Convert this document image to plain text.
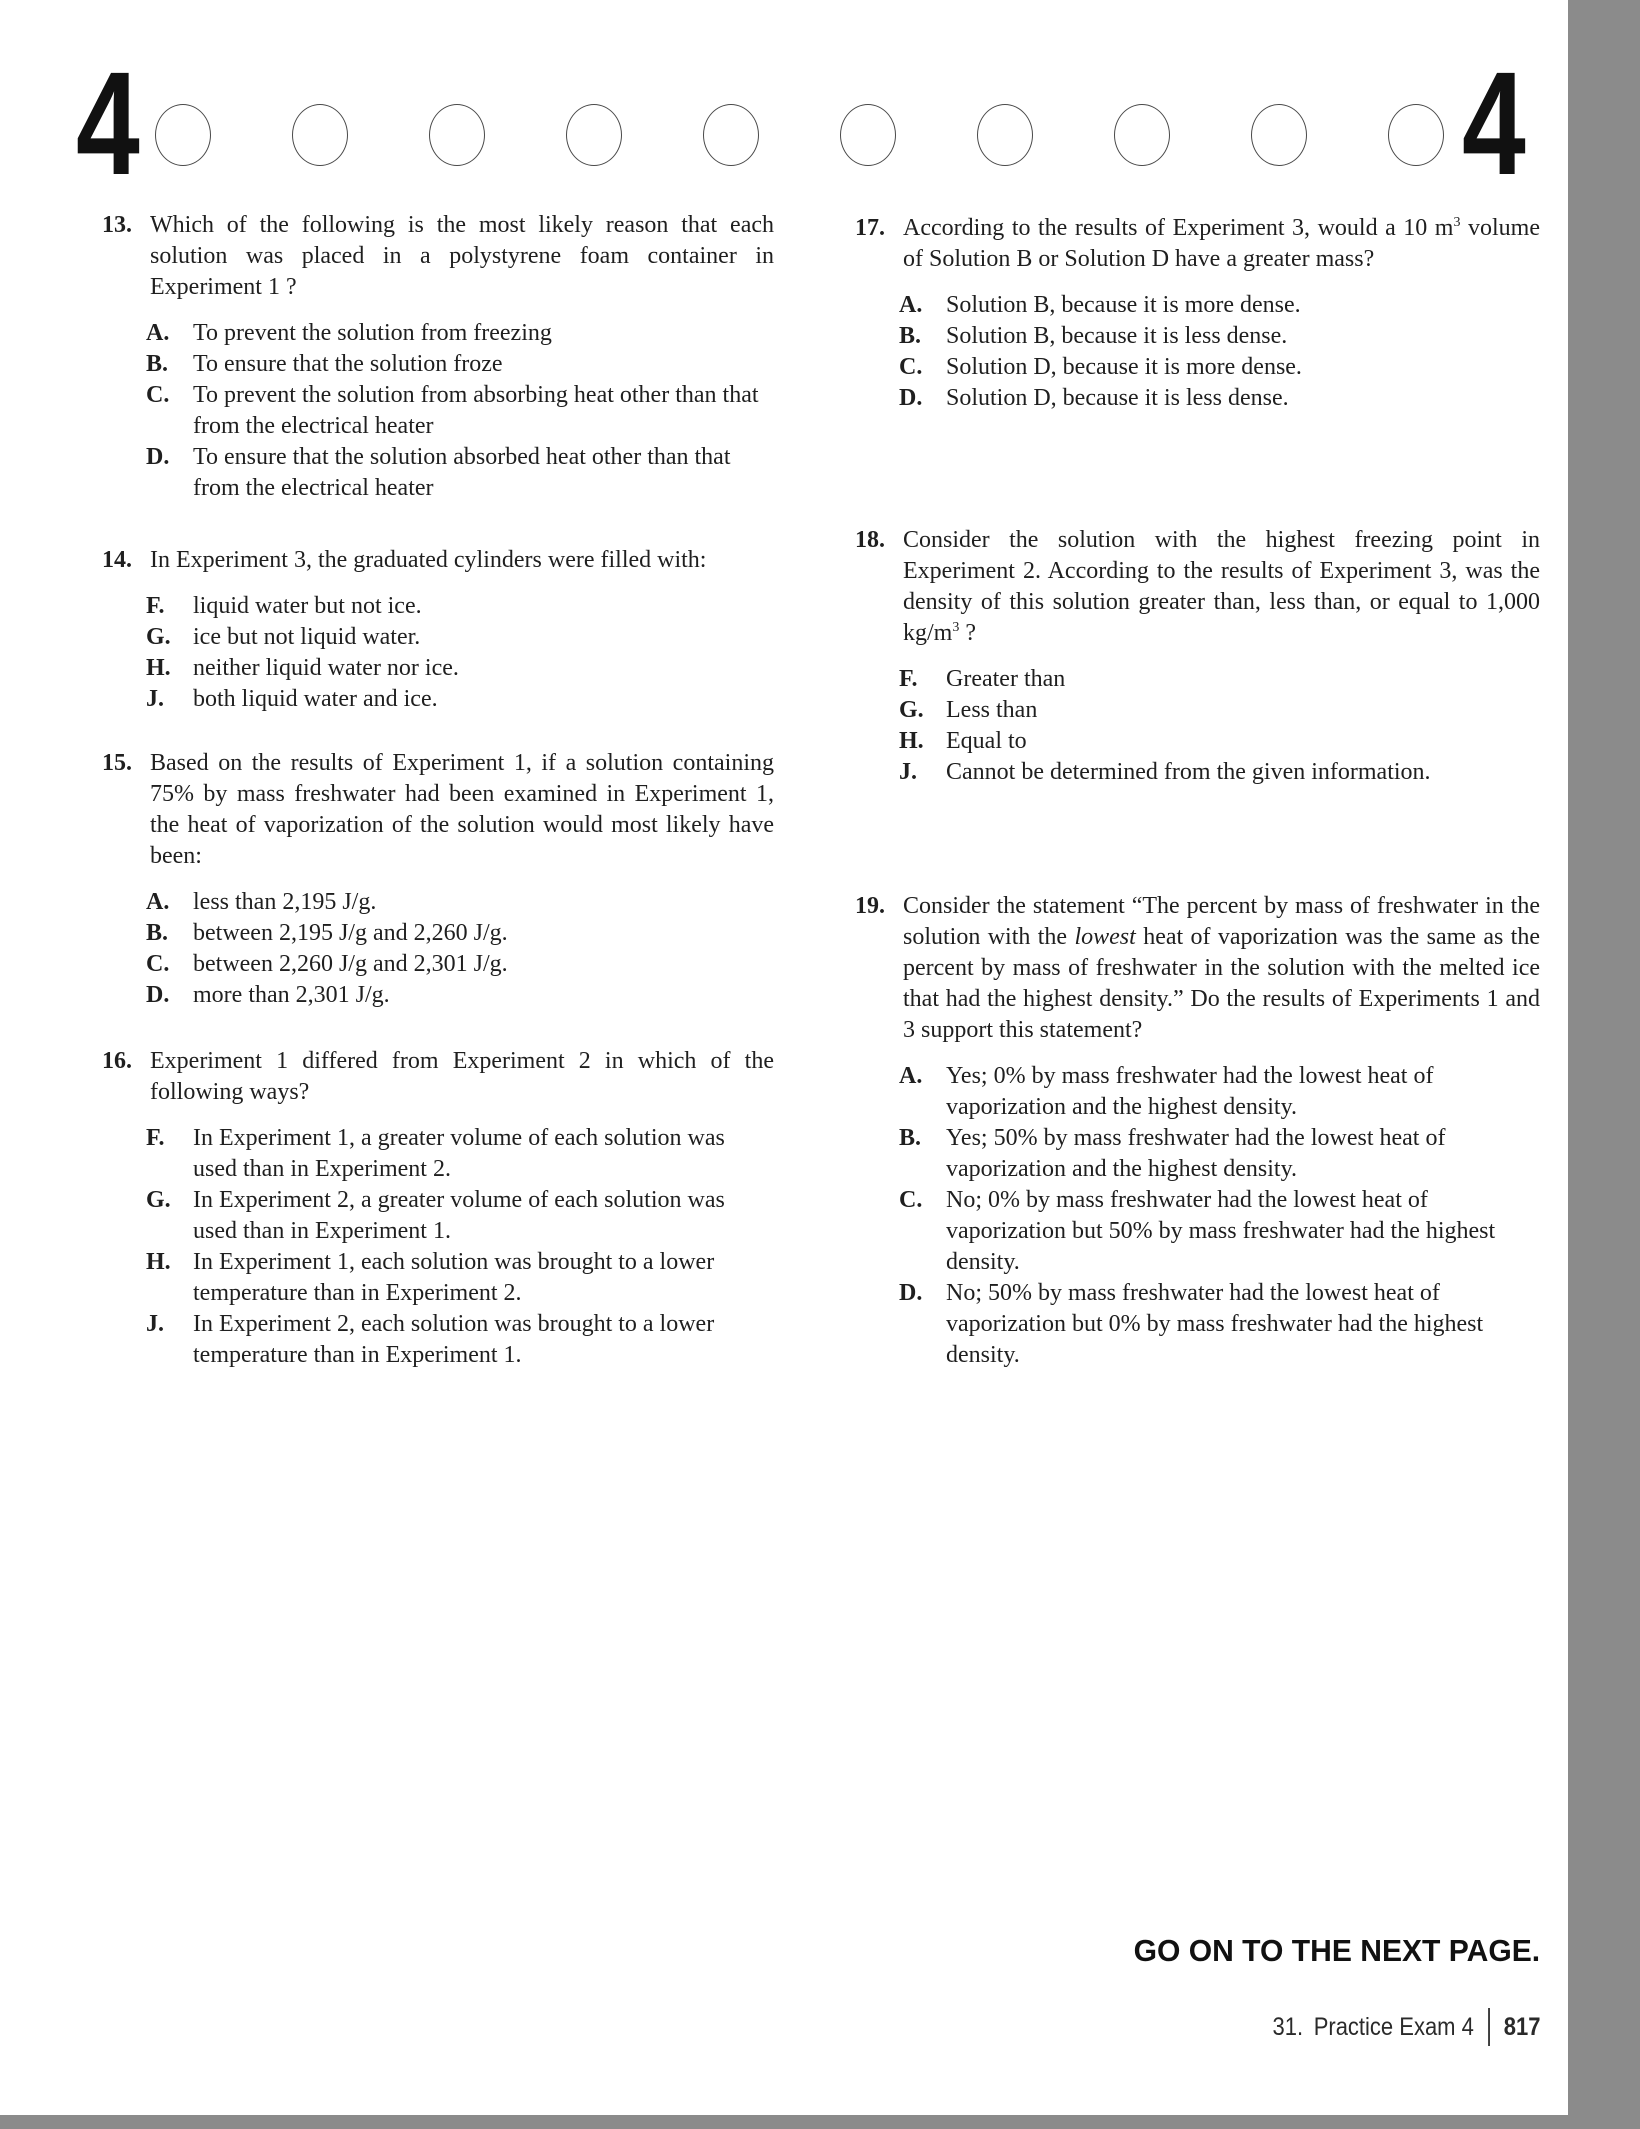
4	4
13. Which of the following is the most likely reason that each solution was placed in a polystyrene foam container in Experiment 1 ?
A. To prevent the solution from freezing
B. To ensure that the solution froze
C. To prevent the solution from absorbing heat other than that from the electrical heater
D. To ensure that the solution absorbed heat other than that from the electrical heater
14. In Experiment 3, the graduated cylinders were filled with:
F. liquid water but not ice.
G. ice but not liquid water.
H. neither liquid water nor ice.
J. both liquid water and ice.
15. Based on the results of Experiment 1, if a solution containing 75% by mass freshwater had been examined in Experiment 1, the heat of vaporization of the solution would most likely have been:
A. less than 2,195 J/g.
B. between 2,195 J/g and 2,260 J/g.
C. between 2,260 J/g and 2,301 J/g.
D. more than 2,301 J/g.
16. Experiment 1 differed from Experiment 2 in which of the following ways?
F. In Experiment 1, a greater volume of each solution was used than in Experiment 2.
G. In Experiment 2, a greater volume of each solution was used than in Experiment 1.
H. In Experiment 1, each solution was brought to a lower temperature than in Experiment 2.
J. In Experiment 2, each solution was brought to a lower temperature than in Experiment 1.
17. According to the results of Experiment 3, would a 10 $m^3$ volume of Solution B or Solution D have a greater mass?
A. Solution B, because it is more dense.
B. Solution B, because it is less dense.
C. Solution D, because it is more dense.
D. Solution D, because it is less dense.
18. Consider the solution with the highest freezing point in Experiment 2. According to the results of Experiment 3, was the density of this solution greater than, less than, or equal to 1,000 $kg/m^3$ ?
F. Greater than
G. Less than
H. Equal to
J. Cannot be determined from the given information.
19. Consider the statement “The percent by mass of freshwater in the solution with the lowest heat of vaporization was the same as the percent by mass of freshwater in the solution with the melted ice that had the highest density.” Do the results of Experiments 1 and 3 support this statement?
A. Yes; 0% by mass freshwater had the lowest heat of vaporization and the highest density.
B. Yes; 50% by mass freshwater had the lowest heat of vaporization and the highest density.
C. No; 0% by mass freshwater had the lowest heat of vaporization but 50% by mass freshwater had the highest density.
D. No; 50% by mass freshwater had the lowest heat of vaporization but 0% by mass freshwater had the highest density.
GO ON TO THE NEXT PAGE.
31. Practice Exam 4 817
